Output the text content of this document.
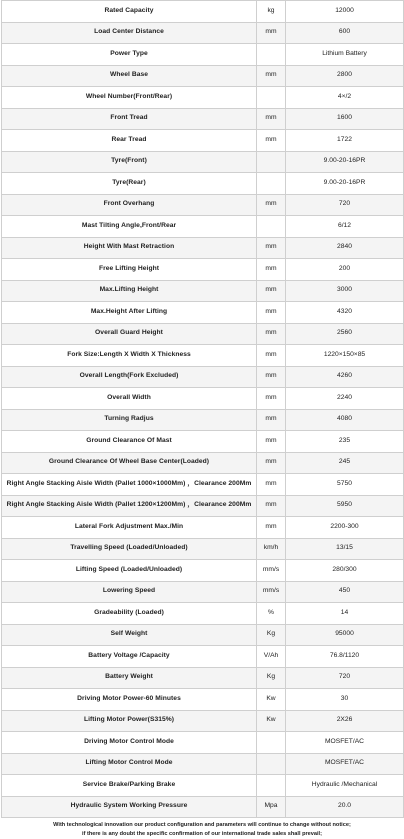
Rated Capacity	kg	12000
Load Center Distance	mm	600
Power Type		Lithium Battery
Wheel Base	mm	2800
Wheel Number(Front/Rear)		4×/2
Front Tread	mm	1600
Rear Tread	mm	1722
Tyre(Front)		9.00-20-16PR
Tyre(Rear)		9.00-20-16PR
Front Overhang	mm	720
Mast Tilting Angle,Front/Rear		6/12
Height With Mast Retraction	mm	2840
Free Lifting Height	mm	200
Max.Lifting Height	mm	3000
Max.Height After Lifting	mm	4320
Overall Guard Height	mm	2560
Fork Size:Length X Width X Thickness	mm	1220×150×85
Overall Length(Fork Excluded)	mm	4260
Overall Width	mm	2240
Turning Radjus	mm	4080
Ground Clearance Of Mast	mm	235
Ground Clearance Of Wheel Base Center(Loaded)	mm	245
Right Angle Stacking Aisle Width (Pallet 1000×1000Mm) ，Clearance 200Mm	mm	5750
Right Angle Stacking Aisle Width (Pallet 1200×1200Mm) ，Clearance 200Mm	mm	5950
Lateral Fork Adjustment Max./Min	mm	2200-300
Travelling Speed (Loaded/Unloaded)	km/h	13/15
Lifting Speed (Loaded/Unloaded)	mm/s	280/300
Lowering Speed	mm/s	450
Gradeability (Loaded)	%	14
Self Weight	Kg	95000
Battery Voltage /Capacity	V/Ah	76.8/1120
Battery Weight	Kg	720
Driving Motor Power-60 Minutes	Kw	30
Lifting Motor Power(S315%)	Kw	2X26
Driving Motor Control Mode		MOSFET/AC
Lifting Motor Control Mode		MOSFET/AC
Service Brake/Parking Brake		Hydraulic /Mechanical
Hydraulic System Working Pressure	Mpa	20.0
With technological innovation our product configuration and parameters will continue to change without notice;
if there is any doubt the specific confirmation of our international trade sales shall prevail;
